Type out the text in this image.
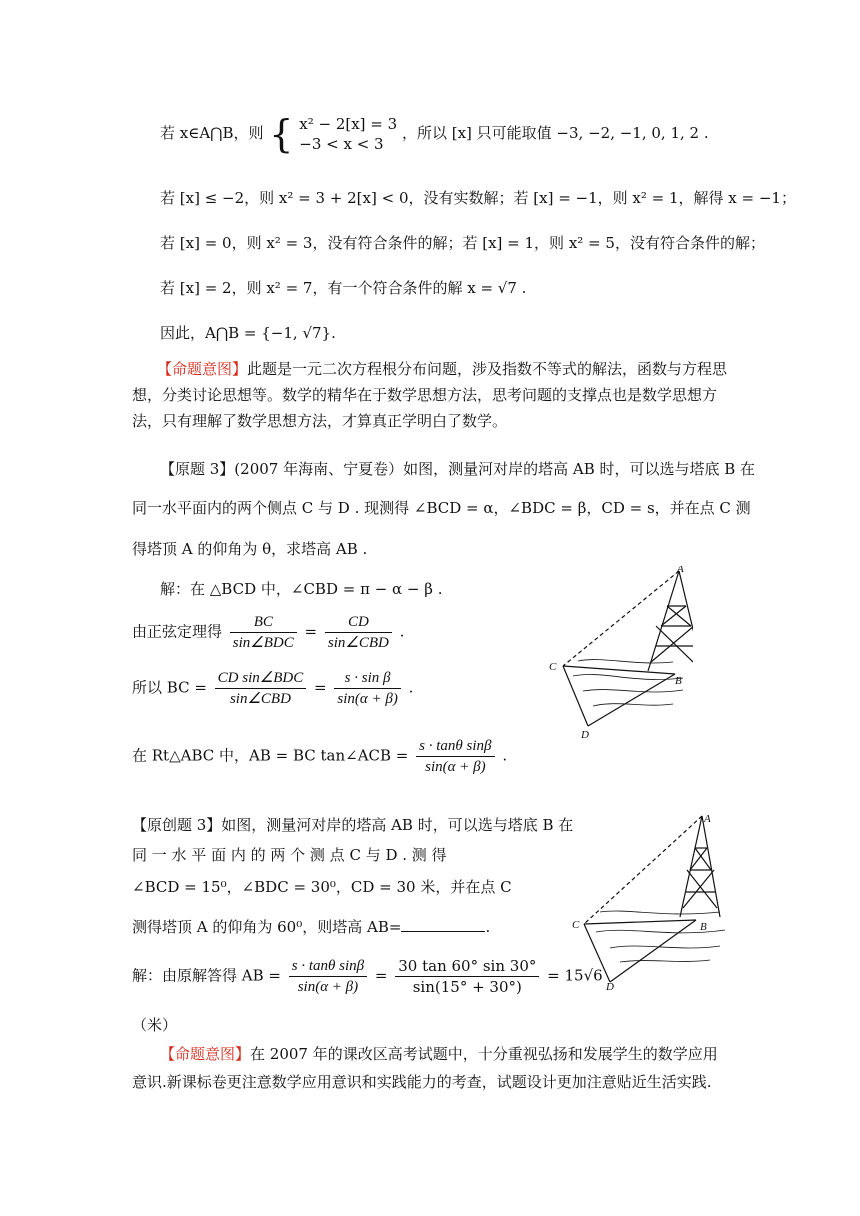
若 x∈A⋂B，则 { x² − 2[x] = 3
−3 < x < 3
，所以 [x] 只可能取值 −3, −2, −1, 0, 1, 2 .
若 [x] ≤ −2，则 x² = 3 + 2[x] < 0，没有实数解；若 [x] = −1，则 x² = 1，解得 x = −1；
若 [x] = 0，则 x² = 3，没有符合条件的解；若 [x] = 1，则 x² = 5，没有符合条件的解；
若 [x] = 2，则 x² = 7，有一个符合条件的解 x = √7 .
因此，A⋂B = {−1, √7}.
【命题意图】此题是一元二次方程根分布问题，涉及指数不等式的解法，函数与方程思想，分类讨论思想等。数学的精华在于数学思想方法，思考问题的支撑点也是数学思想方法，只有理解了数学思想方法，才算真正学明白了数学。
【原题 3】(2007 年海南、宁夏卷）如图，测量河对岸的塔高 AB 时，可以选与塔底 B 在
同一水平面内的两个侧点 C 与 D . 现测得 ∠BCD = α，∠BDC = β，CD = s，并在点 C 测
得塔顶 A 的仰角为 θ，求塔高 AB .
解：在 △BCD 中，∠CBD = π − α − β .
由正弦定理得 $\frac{BC}{\text{sin∠BDC}} = \frac{CD}{\text{sin∠CBD}}$ .
所以 BC = $\frac{\text{CD sin∠BDC}}{\text{sin∠CBD}} = \frac{\text{s · sin β}}{\sin(\alpha + \beta)}$ .
在 Rt△ABC 中，AB = BC tan∠ACB = $\frac{\text{s · tanθ sinβ}}{\sin(\alpha + \beta)}$ .
【原创题 3】如图，测量河对岸的塔高 AB 时，可以选与塔底 B 在
同 一 水 平 面 内 的 两 个 测 点 C 与 D . 测 得
∠BCD = 15⁰，∠BDC = 30⁰，CD = 30 米，并在点 C
测得塔顶 A 的仰角为 60⁰，则塔高 AB=	.
解：由原解答得 AB = $\frac{\text{s · tanθ sinβ}}{\sin(\alpha + \beta)} = \frac{30 \tan 60^\circ \sin 30^\circ}{\sin(15^\circ + 30^\circ)} = 15√6$
（米）
【命题意图】在 2007 年的课改区高考试题中，十分重视弘扬和发展学生的数学应用意识.新课标卷更注意数学应用意识和实践能力的考查，试题设计更加注意贴近生活实践.
A
B
C
D
A
B
C
D
